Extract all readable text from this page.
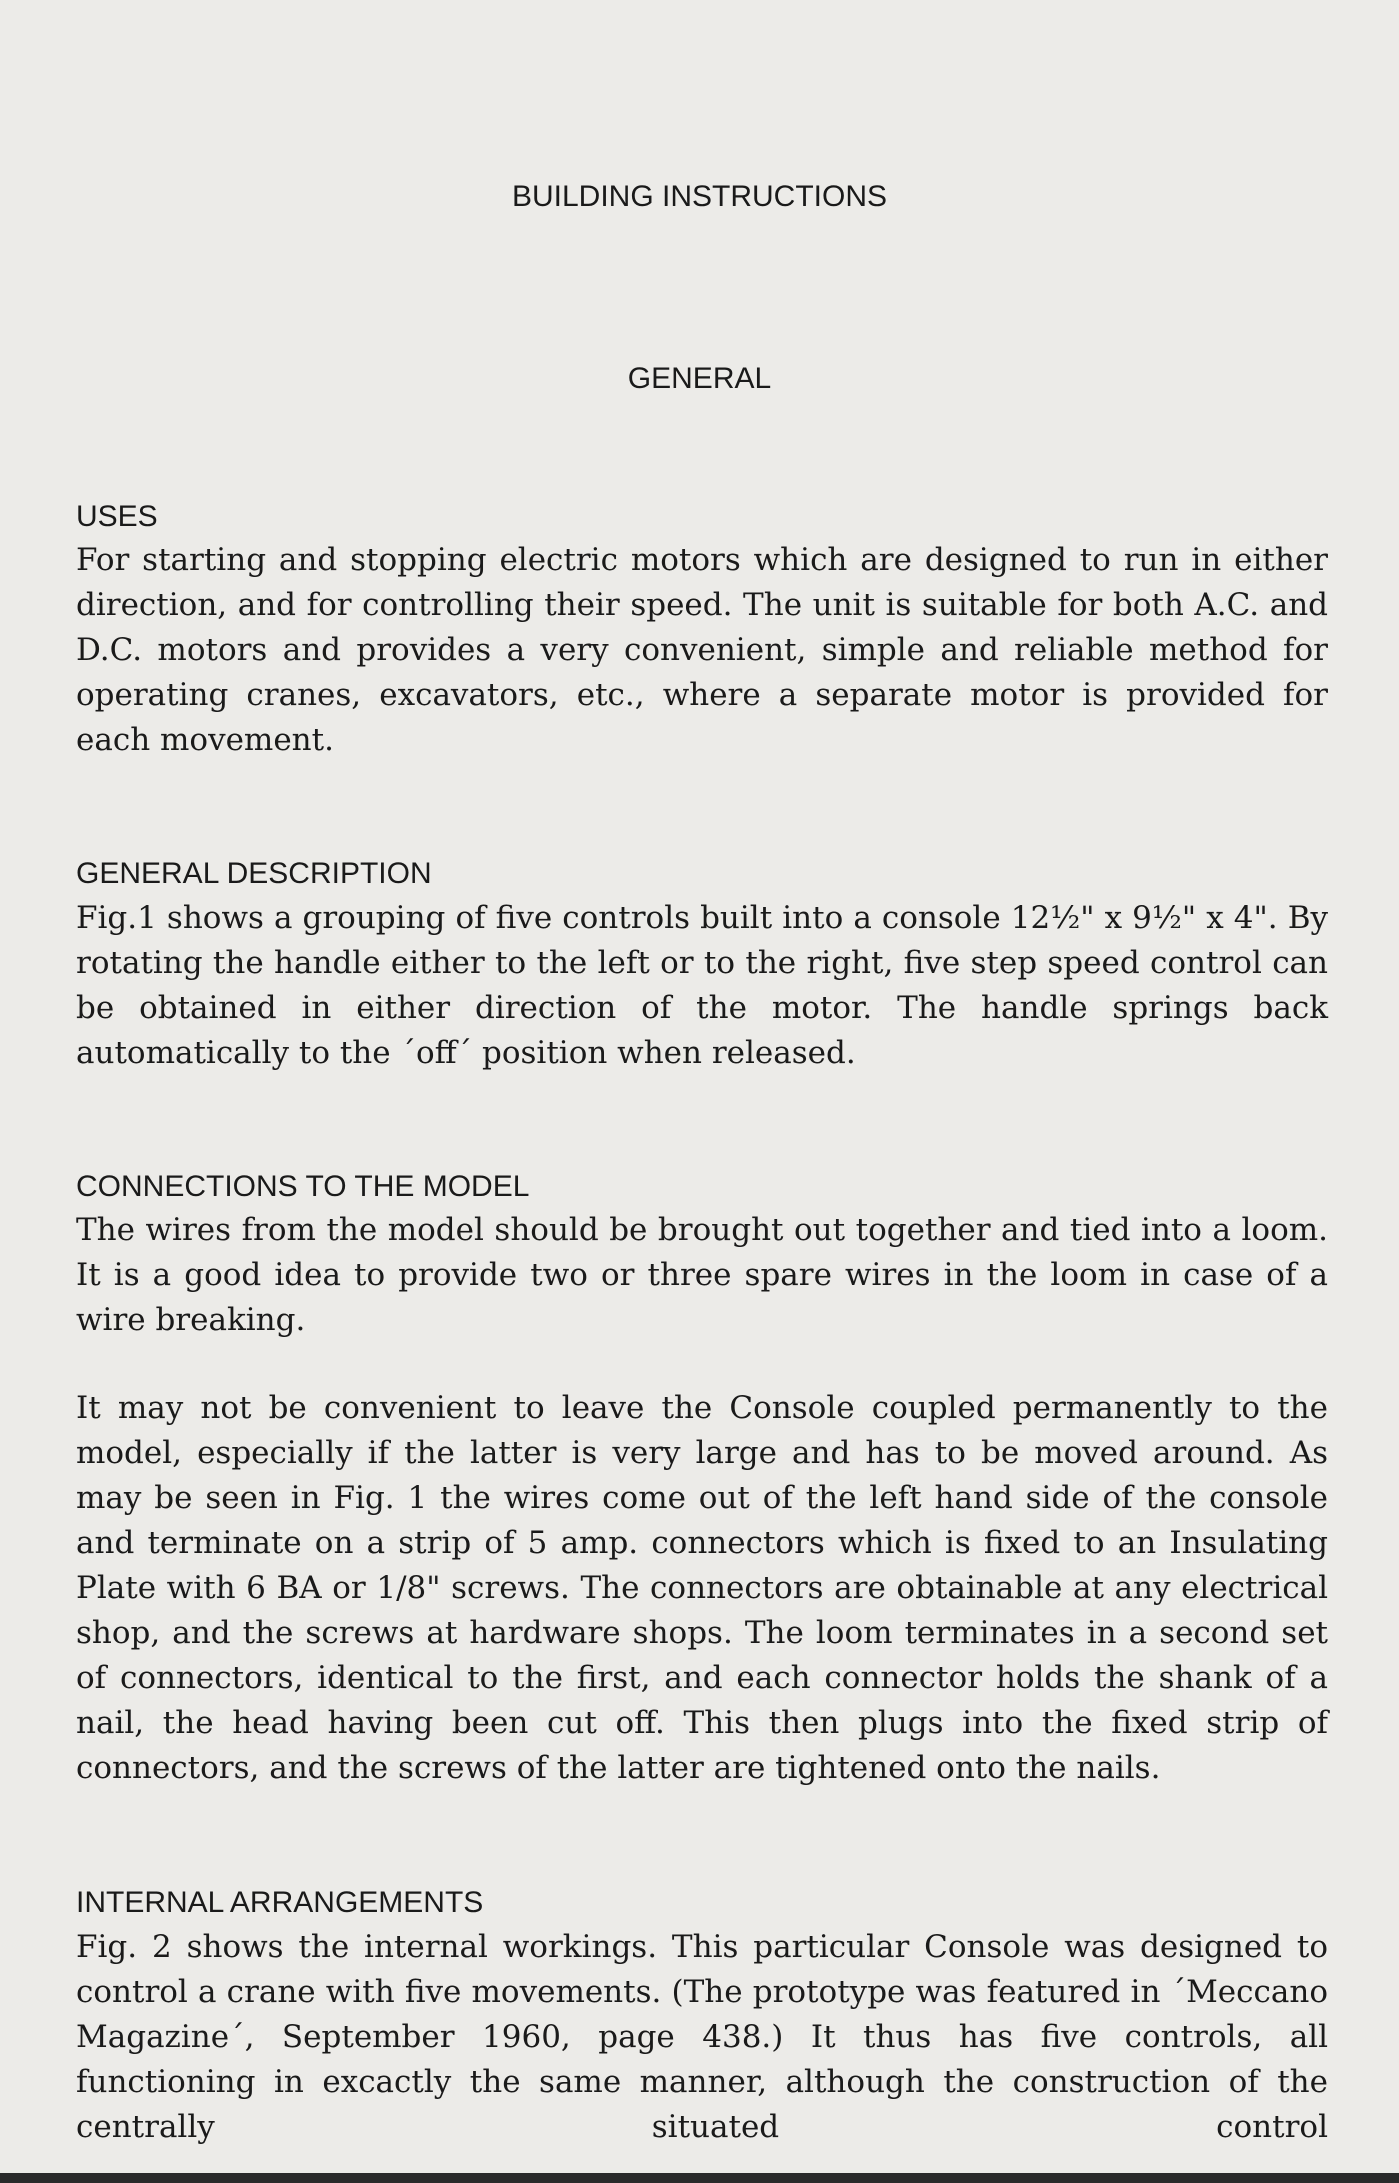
BUILDING INSTRUCTIONS
GENERAL
USES

For starting and stopping electric motors which are designed to run in either direction, and for controlling their speed. The unit is suitable for both A.C. and D.C. motors and provides a very convenient, simple and reliable method for operating cranes, excavators, etc., where a separate motor is provided for each movement.

GENERAL DESCRIPTION

Fig.1 shows a grouping of five controls built into a console 12½" x 9½" x 4". By rotating the handle either to the left or to the right, five step speed control can be obtained in either direction of the motor. The handle springs back automatically to the ´off´ position when released.

CONNECTIONS TO THE MODEL

The wires from the model should be brought out together and tied into a loom. It is a good idea to provide two or three spare wires in the loom in case of a wire breaking.

It may not be convenient to leave the Console coupled permanently to the model, especially if the latter is very large and has to be moved around. As may be seen in Fig. 1 the wires come out of the left hand side of the console and terminate on a strip of 5 amp. connectors which is fixed to an Insulating Plate with 6 BA or 1/8" screws. The connectors are obtainable at any electrical shop, and the screws at hardware shops. The loom terminates in a second set of connectors, identical to the first, and each connector holds the shank of a nail, the head having been cut off. This then plugs into the fixed strip of connectors, and the screws of the latter are tightened onto the nails.

INTERNAL ARRANGEMENTS

Fig. 2 shows the internal workings. This particular Console was designed to control a crane with five movements. (The prototype was featured in ´Meccano Magazine´, September 1960, page 438.) It thus has five controls, all functioning in excactly the same manner, although the construction of the centrally situated control
